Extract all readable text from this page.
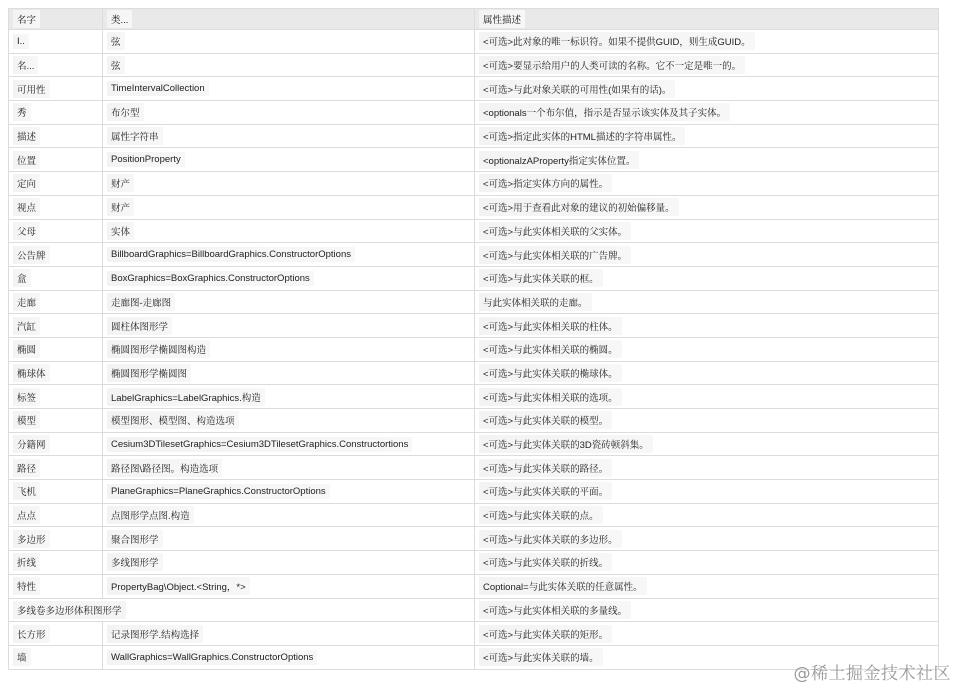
名字	类...	属性描述
I..	弦	<可选>此对象的唯一标识符。如果不提供GUID，则生成GUID。
名...	弦	<可选>要显示给用户的人类可读的名称。它不一定是唯一的。
可用性	TimeIntervalCollection	<可选>与此对象关联的可用性(如果有的话)。
秀	布尔型	<optionals一个布尔值，指示是否显示该实体及其子实体。
描述	属性字符串	<可选>指定此实体的HTML描述的字符串属性。
位置	PositionProperty	<optionalzAProperty指定实体位置。
定向	财产	<可选>指定实体方向的属性。
视点	财产	<可选>用于查看此对象的建议的初始偏移量。
父母	实体	<可选>与此实体相关联的父实体。
公告牌	BillboardGraphics=BillboardGraphics.ConstructorOptions	<可选>与此实体相关联的广告牌。
盒	BoxGraphics=BoxGraphics.ConstructorOptions	<可选>与此实体关联的框。
走廊	走廊图-走廊图	与此实体相关联的走廊。
汽缸	圆柱体图形学	<可选>与此实体相关联的柱体。
椭圆	椭圆图形学椭圆图构造	<可选>与此实体相关联的椭圆。
椭球体	椭圆图形学椭圆图	<可选>与此实体关联的椭球体。
标签	LabelGraphics=LabelGraphics.构造	<可选>与此实体相关联的选项。
模型	模型图形、模型图、构造选项	<可选>与此实体关联的模型。
分籍网	Cesium3DTilesetGraphics=Cesium3DTilesetGraphics.Constructortions	<可选>与此实体关联的3D瓷砖顿斜集。
路径	路径图\路径图。构造选项	<可选>与此实体关联的路径。
飞机	PlaneGraphics=PlaneGraphics.ConstructorOptions	<可选>与此实体关联的平面。
点点	点图形学点图.构造	<可选>与此实体关联的点。
多边形	聚合图形学	<可选>与此实体关联的多边形。
折线	多线图形学	<可选>与此实体关联的折线。
特性	PropertyBag\Object.<String，*>	Coptional=与此实体关联的任意属性。
多线卷多边形体积图形学		<可选>与此实体相关联的多量线。
长方形	记录图形学.结构选择	<可选>与此实体关联的矩形。
墙	WallGraphics=WallGraphics.ConstructorOptions	<可选>与此实体关联的墙。
@稀土掘金技术社区
